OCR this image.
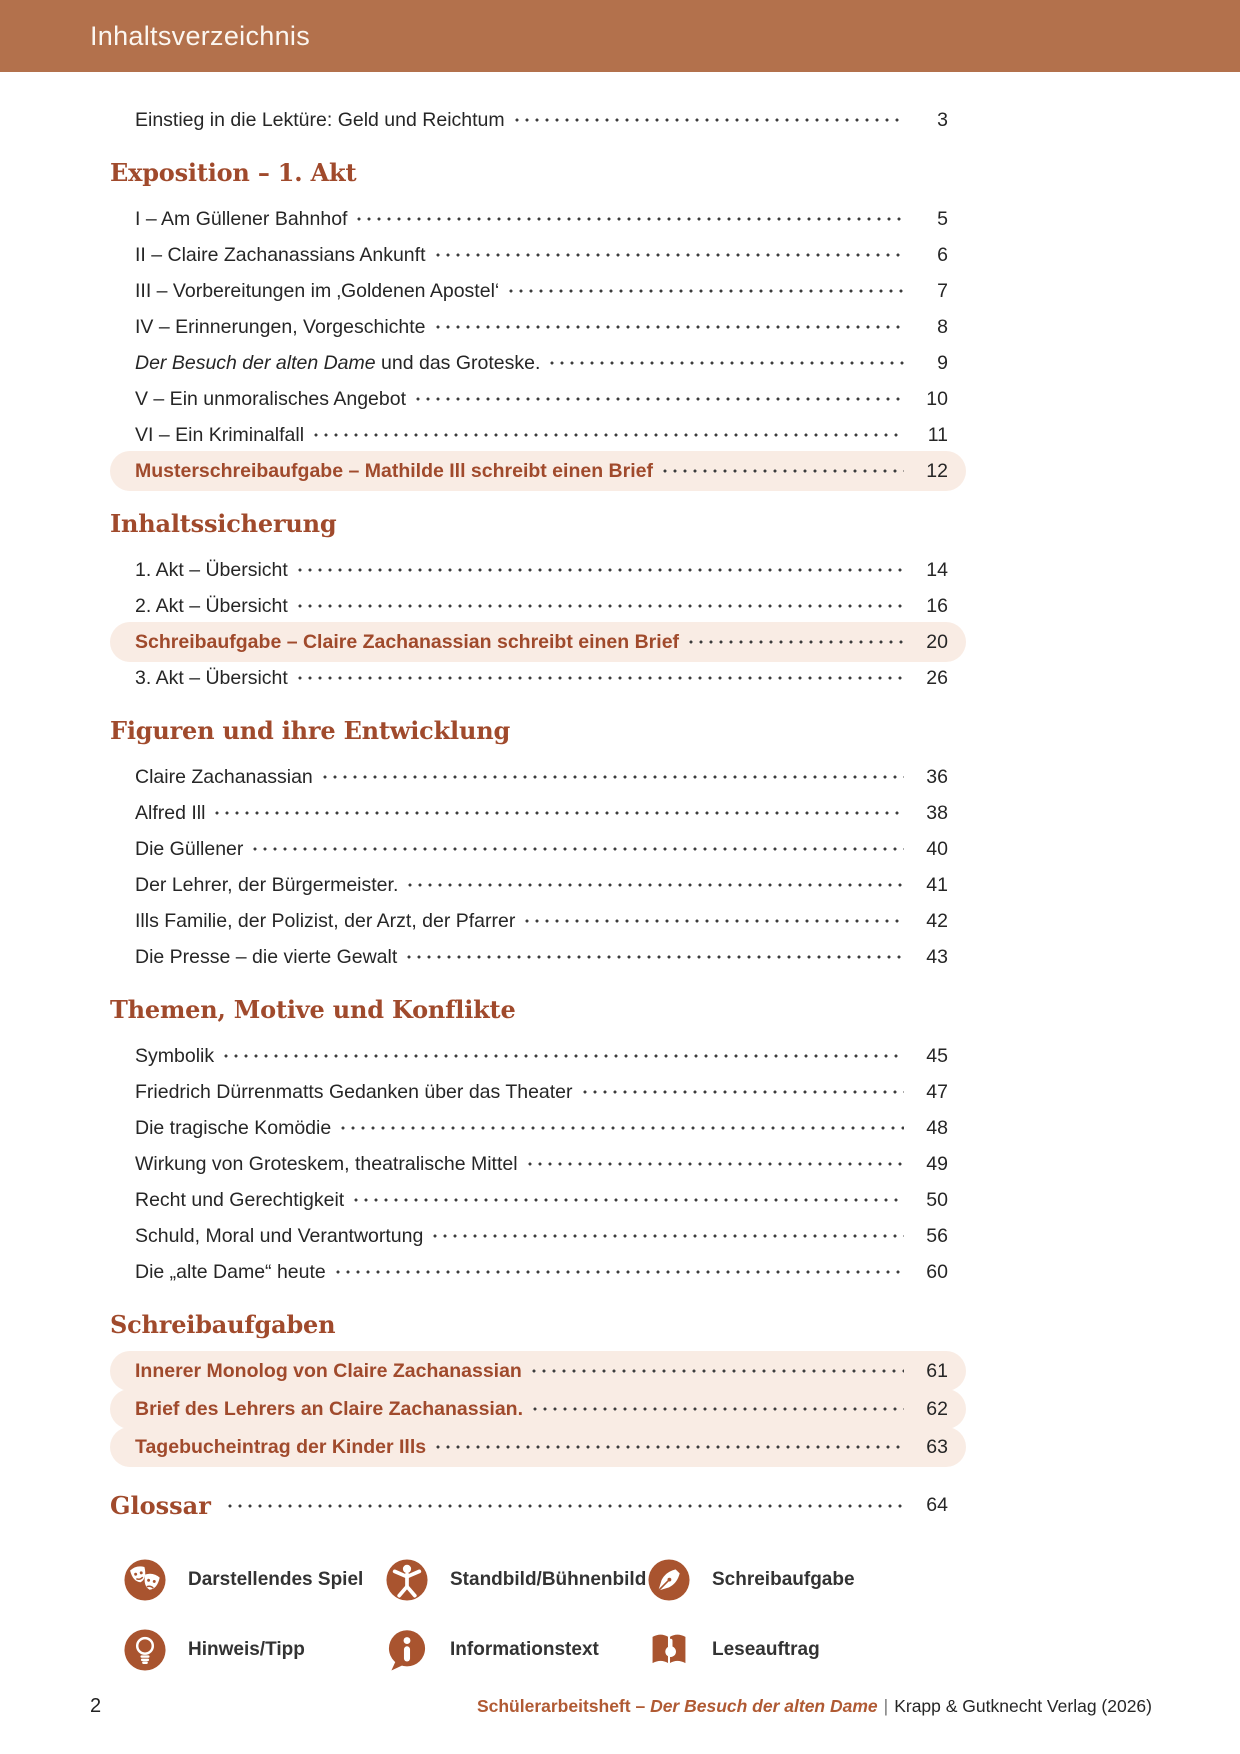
Inhaltsverzeichnis
Einstieg in die Lektüre: Geld und Reichtum	3
Exposition – 1. Akt
I – Am Güllener Bahnhof	5
II – Claire Zachanassians Ankunft	6
III – Vorbereitungen im ‚Goldenen Apostel‘	7
IV – Erinnerungen, Vorgeschichte	8
Der Besuch der alten Dame und das Groteske.	9
V – Ein unmoralisches Angebot	10
VI – Ein Kriminalfall	11
Musterschreibaufgabe – Mathilde Ill schreibt einen Brief	12
Inhaltssicherung
1. Akt – Übersicht	14
2. Akt – Übersicht	16
Schreibaufgabe – Claire Zachanassian schreibt einen Brief	20
3. Akt – Übersicht	26
Figuren und ihre Entwicklung
Claire Zachanassian	36
Alfred Ill	38
Die Güllener	40
Der Lehrer, der Bürgermeister.	41
Ills Familie, der Polizist, der Arzt, der Pfarrer	42
Die Presse – die vierte Gewalt	43
Themen, Motive und Konflikte
Symbolik	45
Friedrich Dürrenmatts Gedanken über das Theater	47
Die tragische Komödie	48
Wirkung von Groteskem, theatralische Mittel	49
Recht und Gerechtigkeit	50
Schuld, Moral und Verantwortung	56
Die „alte Dame“ heute	60
Schreibaufgaben
Innerer Monolog von Claire Zachanassian	61
Brief des Lehrers an Claire Zachanassian.	62
Tagebucheintrag der Kinder Ills	63
Glossar	64
Darstellendes Spiel	Standbild/Bühnenbild	Schreibaufgabe
Hinweis/Tipp	Informationstext	Leseauftrag
2	Schülerarbeitsheft – Der Besuch der alten Dame | Krapp & Gutknecht Verlag (2026)
